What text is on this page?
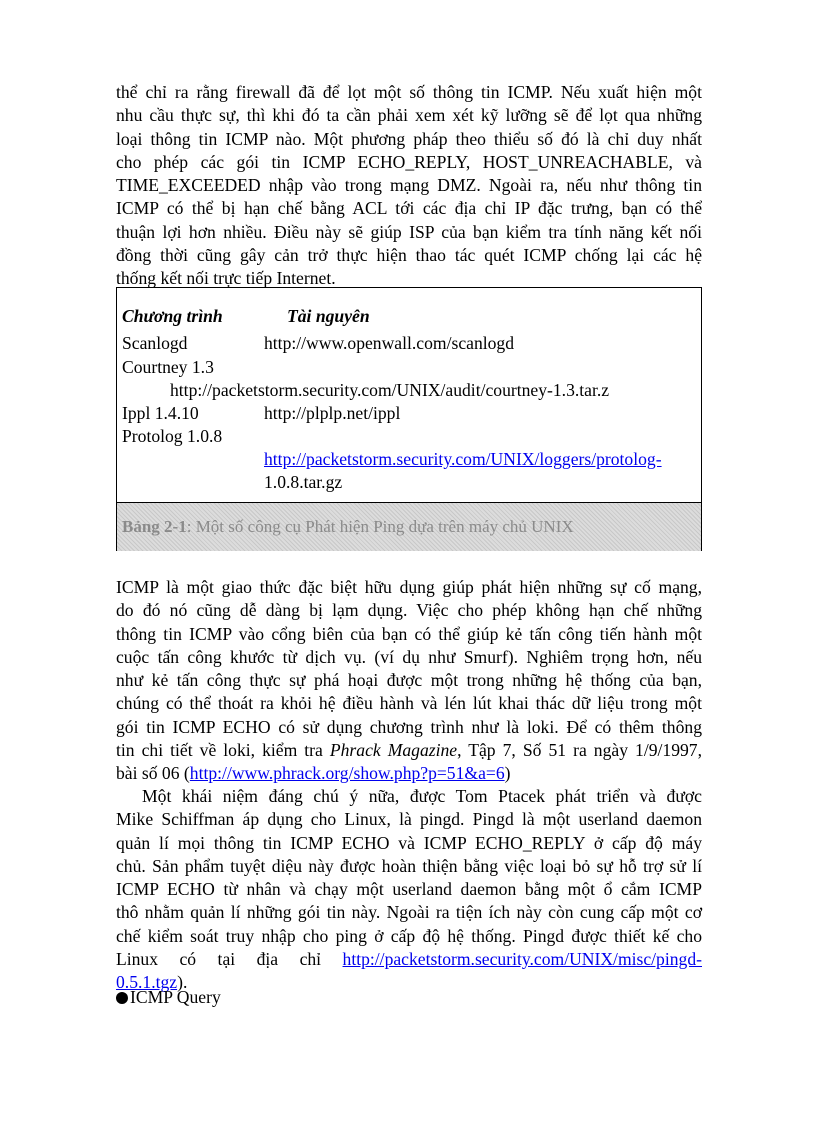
thể chỉ ra rằng firewall đã để lọt một số thông tin ICMP. Nếu xuất hiện một
nhu cầu thực sự, thì khi đó ta cần phải xem xét kỹ lưỡng sẽ để lọt qua những
loại thông tin ICMP nào. Một phương pháp theo thiểu số đó là chỉ duy nhất
cho phép các gói tin ICMP ECHO_REPLY, HOST_UNREACHABLE, và
TIME_EXCEEDED nhập vào trong mạng DMZ. Ngoài ra, nếu như thông tin
ICMP có thể bị hạn chế bằng ACL tới các địa chỉ IP đặc trưng, bạn có thể
thuận lợi hơn nhiều. Điều này sẽ giúp ISP của bạn kiểm tra tính năng kết nối
đồng thời cũng gây cản trở thực hiện thao tác quét ICMP chống lại các hệ
thống kết nối trực tiếp Internet.
Chương trình	Tài nguyên
Scanlogd	http://www.openwall.com/scanlogd
Courtney 1.3
http://packetstorm.security.com/UNIX/audit/courtney-1.3.tar.z
Ippl 1.4.10	http://plplp.net/ippl
Protolog 1.0.8
http://packetstorm.security.com/UNIX/loggers/protolog-
1.0.8.tar.gz
Bảng 2-1: Một số công cụ Phát hiện Ping dựa trên máy chủ UNIX
ICMP là một giao thức đặc biệt hữu dụng giúp phát hiện những sự cố mạng,
do đó nó cũng dễ dàng bị lạm dụng. Việc cho phép không hạn chế những
thông tin ICMP vào cổng biên của bạn có thể giúp kẻ tấn công tiến hành một
cuộc tấn công khước từ dịch vụ. (ví dụ như Smurf). Nghiêm trọng hơn, nếu
như kẻ tấn công thực sự phá hoại được một trong những hệ thống của bạn,
chúng có thể thoát ra khỏi hệ điều hành và lén lút khai thác dữ liệu trong một
gói tin ICMP ECHO có sử dụng chương trình như là loki. Để có thêm thông
tin chi tiết về loki, kiểm tra Phrack Magazine, Tập 7, Số 51 ra ngày 1/9/1997,
bài số 06 (http://www.phrack.org/show.php?p=51&a=6)
Một khái niệm đáng chú ý nữa, được Tom Ptacek phát triển và được
Mike Schiffman áp dụng cho Linux, là pingd. Pingd là một userland daemon
quản lí mọi thông tin ICMP ECHO và ICMP ECHO_REPLY ở cấp độ máy
chủ. Sản phẩm tuyệt diệu này được hoàn thiện bằng việc loại bỏ sự hỗ trợ sử lí
ICMP ECHO từ nhân và chạy một userland daemon bằng một ổ cắm ICMP
thô nhằm quản lí những gói tin này. Ngoài ra tiện ích này còn cung cấp một cơ
chế kiểm soát truy nhập cho ping ở cấp độ hệ thống. Pingd được thiết kế cho
Linux có tại địa chỉ http://packetstorm.security.com/UNIX/misc/pingd-
0.5.1.tgz).
ICMP Query
